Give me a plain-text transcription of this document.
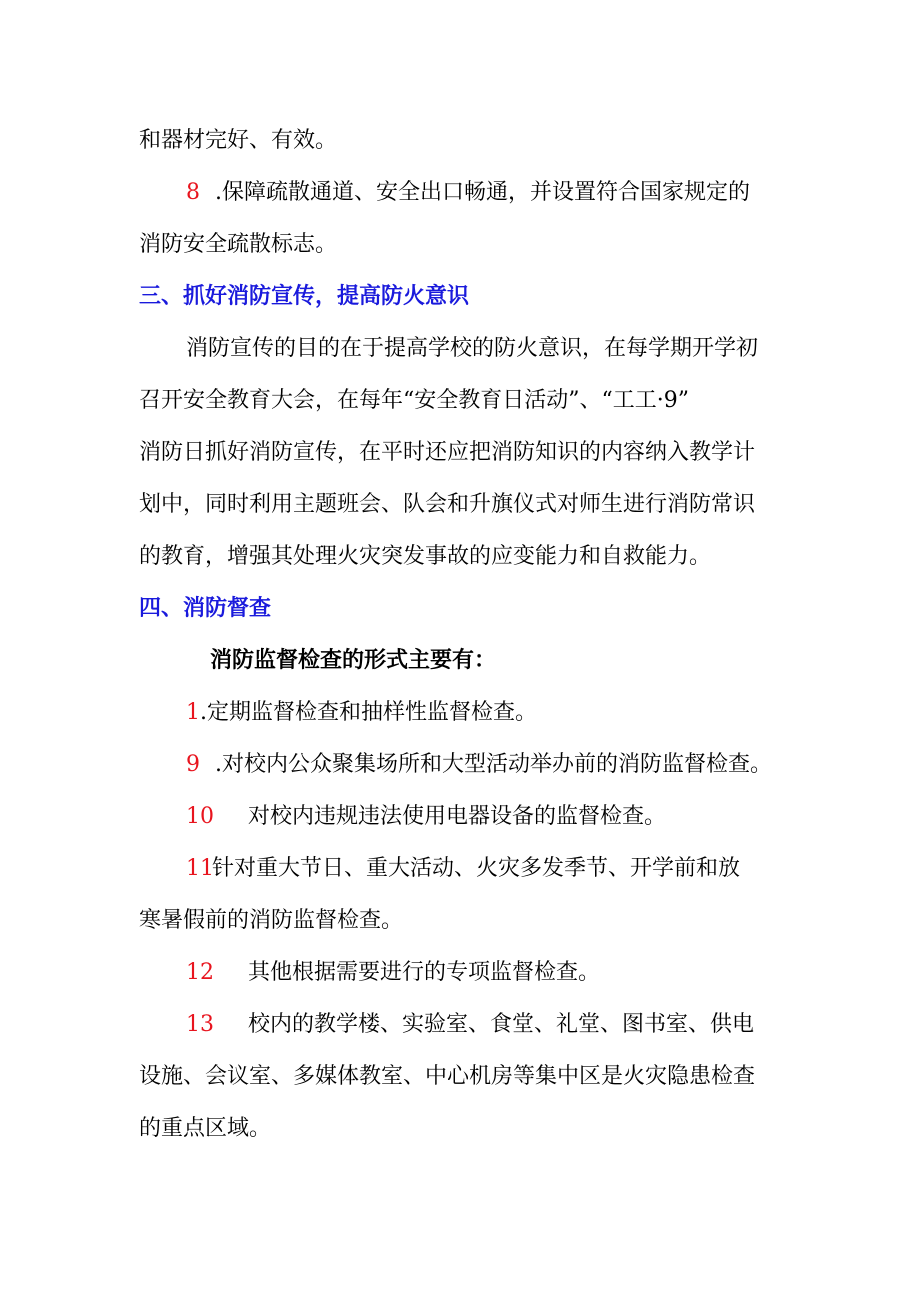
和器材完好、有效。
8 .保障疏散通道、安全出口畅通，并设置符合国家规定的
消防安全疏散标志。
三、抓好消防宣传，提高防火意识
消防宣传的目的在于提高学校的防火意识，在每学期开学初
召开安全教育大会，在每年“安全教育日活动”、“工工·9”
消防日抓好消防宣传，在平时还应把消防知识的内容纳入教学计
划中，同时利用主题班会、队会和升旗仪式对师生进行消防常识
的教育，增强其处理火灾突发事故的应变能力和自救能力。
四、消防督查
消防监督检查的形式主要有：
1.定期监督检查和抽样性监督检查。
9 .对校内公众聚集场所和大型活动举办前的消防监督检查。
10 对校内违规违法使用电器设备的监督检查。
11针对重大节日、重大活动、火灾多发季节、开学前和放
寒暑假前的消防监督检查。
12 其他根据需要进行的专项监督检查。
13 校内的教学楼、实验室、食堂、礼堂、图书室、供电
设施、会议室、多媒体教室、中心机房等集中区是火灾隐患检查
的重点区域。
